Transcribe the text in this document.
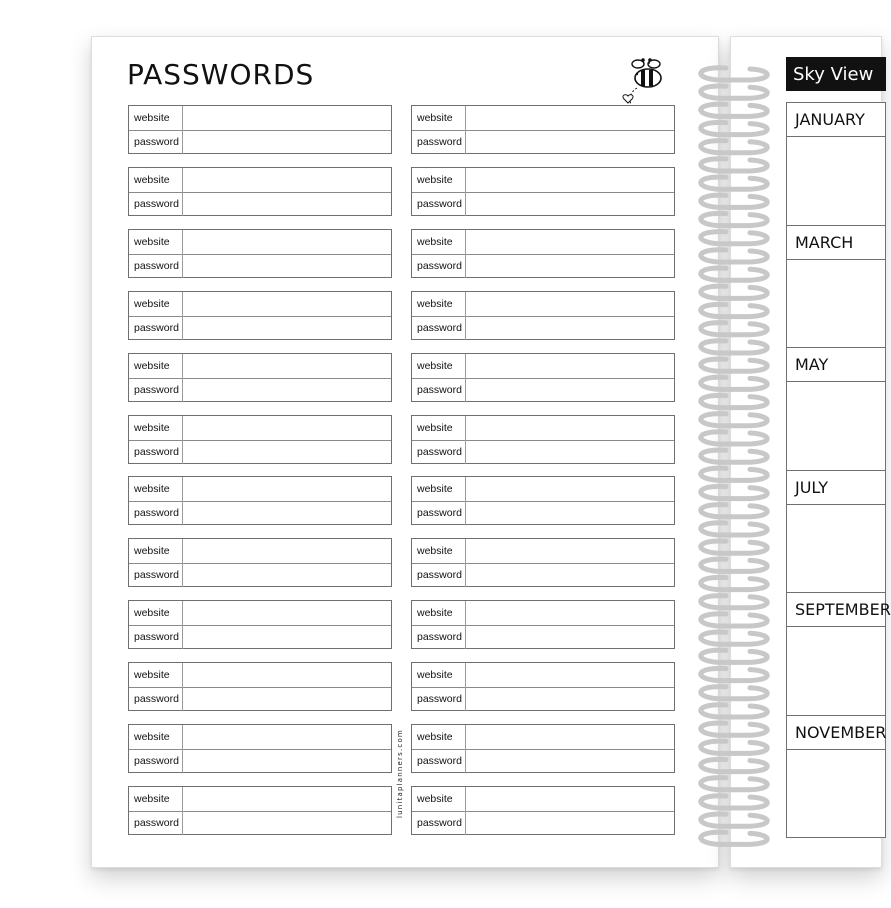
PASSWORDS
website
password
website
password
website
password
website
password
website
password
website
password
website
password
website
password
website
password
website
password
website
password
website
password
website
password
website
password
website
password
website
password
website
password
website
password
website
password
website
password
website
password
website
password
website
password
website
password
lunitaplanners.com
Sky View
JANUARY
MARCH
MAY
JULY
SEPTEMBER
NOVEMBER
